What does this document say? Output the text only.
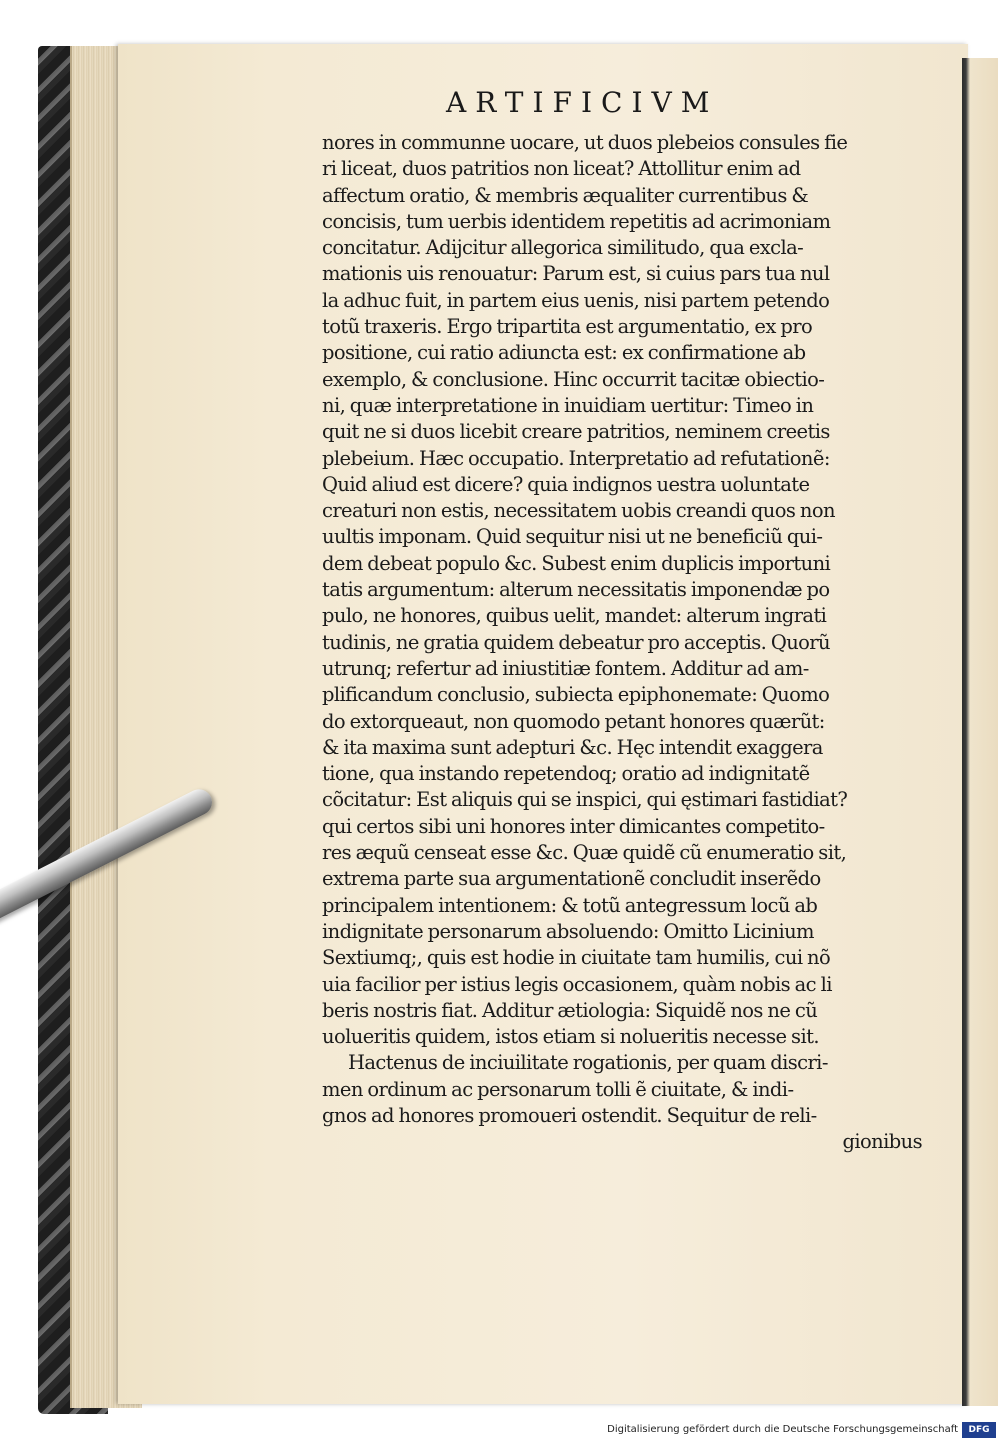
ARTIFICIVM
nores in communne uocare, ut duos plebeios consules fie
ri liceat, duos patritios non liceat? Attollitur enim ad
affectum oratio, & membris æqualiter currentibus &
concisis, tum uerbis identidem repetitis ad acrimoniam
concitatur. Adijcitur allegorica similitudo, qua excla-
mationis uis renouatur: Parum est, si cuius pars tua nul
la adhuc fuit, in partem eius uenis, nisi partem petendo
totũ traxeris. Ergo tripartita est argumentatio, ex pro
positione, cui ratio adiuncta est: ex confirmatione ab
exemplo, & conclusione. Hinc occurrit tacitæ obiectio-
ni, quæ interpretatione in inuidiam uertitur: Timeo in
quit ne si duos licebit creare patritios, neminem creetis
plebeium. Hæc occupatio. Interpretatio ad refutationẽ:
Quid aliud est dicere? quia indignos uestra uoluntate
creaturi non estis, necessitatem uobis creandi quos non
uultis imponam. Quid sequitur nisi ut ne beneficiũ qui-
dem debeat populo &c. Subest enim duplicis importuni
tatis argumentum: alterum necessitatis imponendæ po
pulo, ne honores, quibus uelit, mandet: alterum ingrati
tudinis, ne gratia quidem debeatur pro acceptis. Quorũ
utrunq; refertur ad iniustitiæ fontem. Additur ad am-
plificandum conclusio, subiecta epiphonemate: Quomo
do extorqueaut, non quomodo petant honores quærũt:
& ita maxima sunt adepturi &c. Hęc intendit exaggera
tione, qua instando repetendoq; oratio ad indignitatẽ
cõcitatur: Est aliquis qui se inspici, qui ęstimari fastidiat?
qui certos sibi uni honores inter dimicantes competito-
res æquũ censeat esse &c. Quæ quidẽ cũ enumeratio sit,
extrema parte sua argumentationẽ concludit inserẽdo
principalem intentionem: & totũ antegressum locũ ab
indignitate personarum absoluendo: Omitto Licinium
Sextiumq;, quis est hodie in ciuitate tam humilis, cui nõ
uia facilior per istius legis occasionem, quàm nobis ac li
beris nostris fiat. Additur ætiologia: Siquidẽ nos ne cũ
uolueritis quidem, istos etiam si nolueritis necesse sit.
Hactenus de inciuilitate rogationis, per quam discri-
men ordinum ac personarum tolli ẽ ciuitate, & indi-
gnos ad honores promoueri ostendit. Sequitur de reli-
gionibus
Digitalisierung gefördert durch die Deutsche Forschungsgemeinschaft	DFG
